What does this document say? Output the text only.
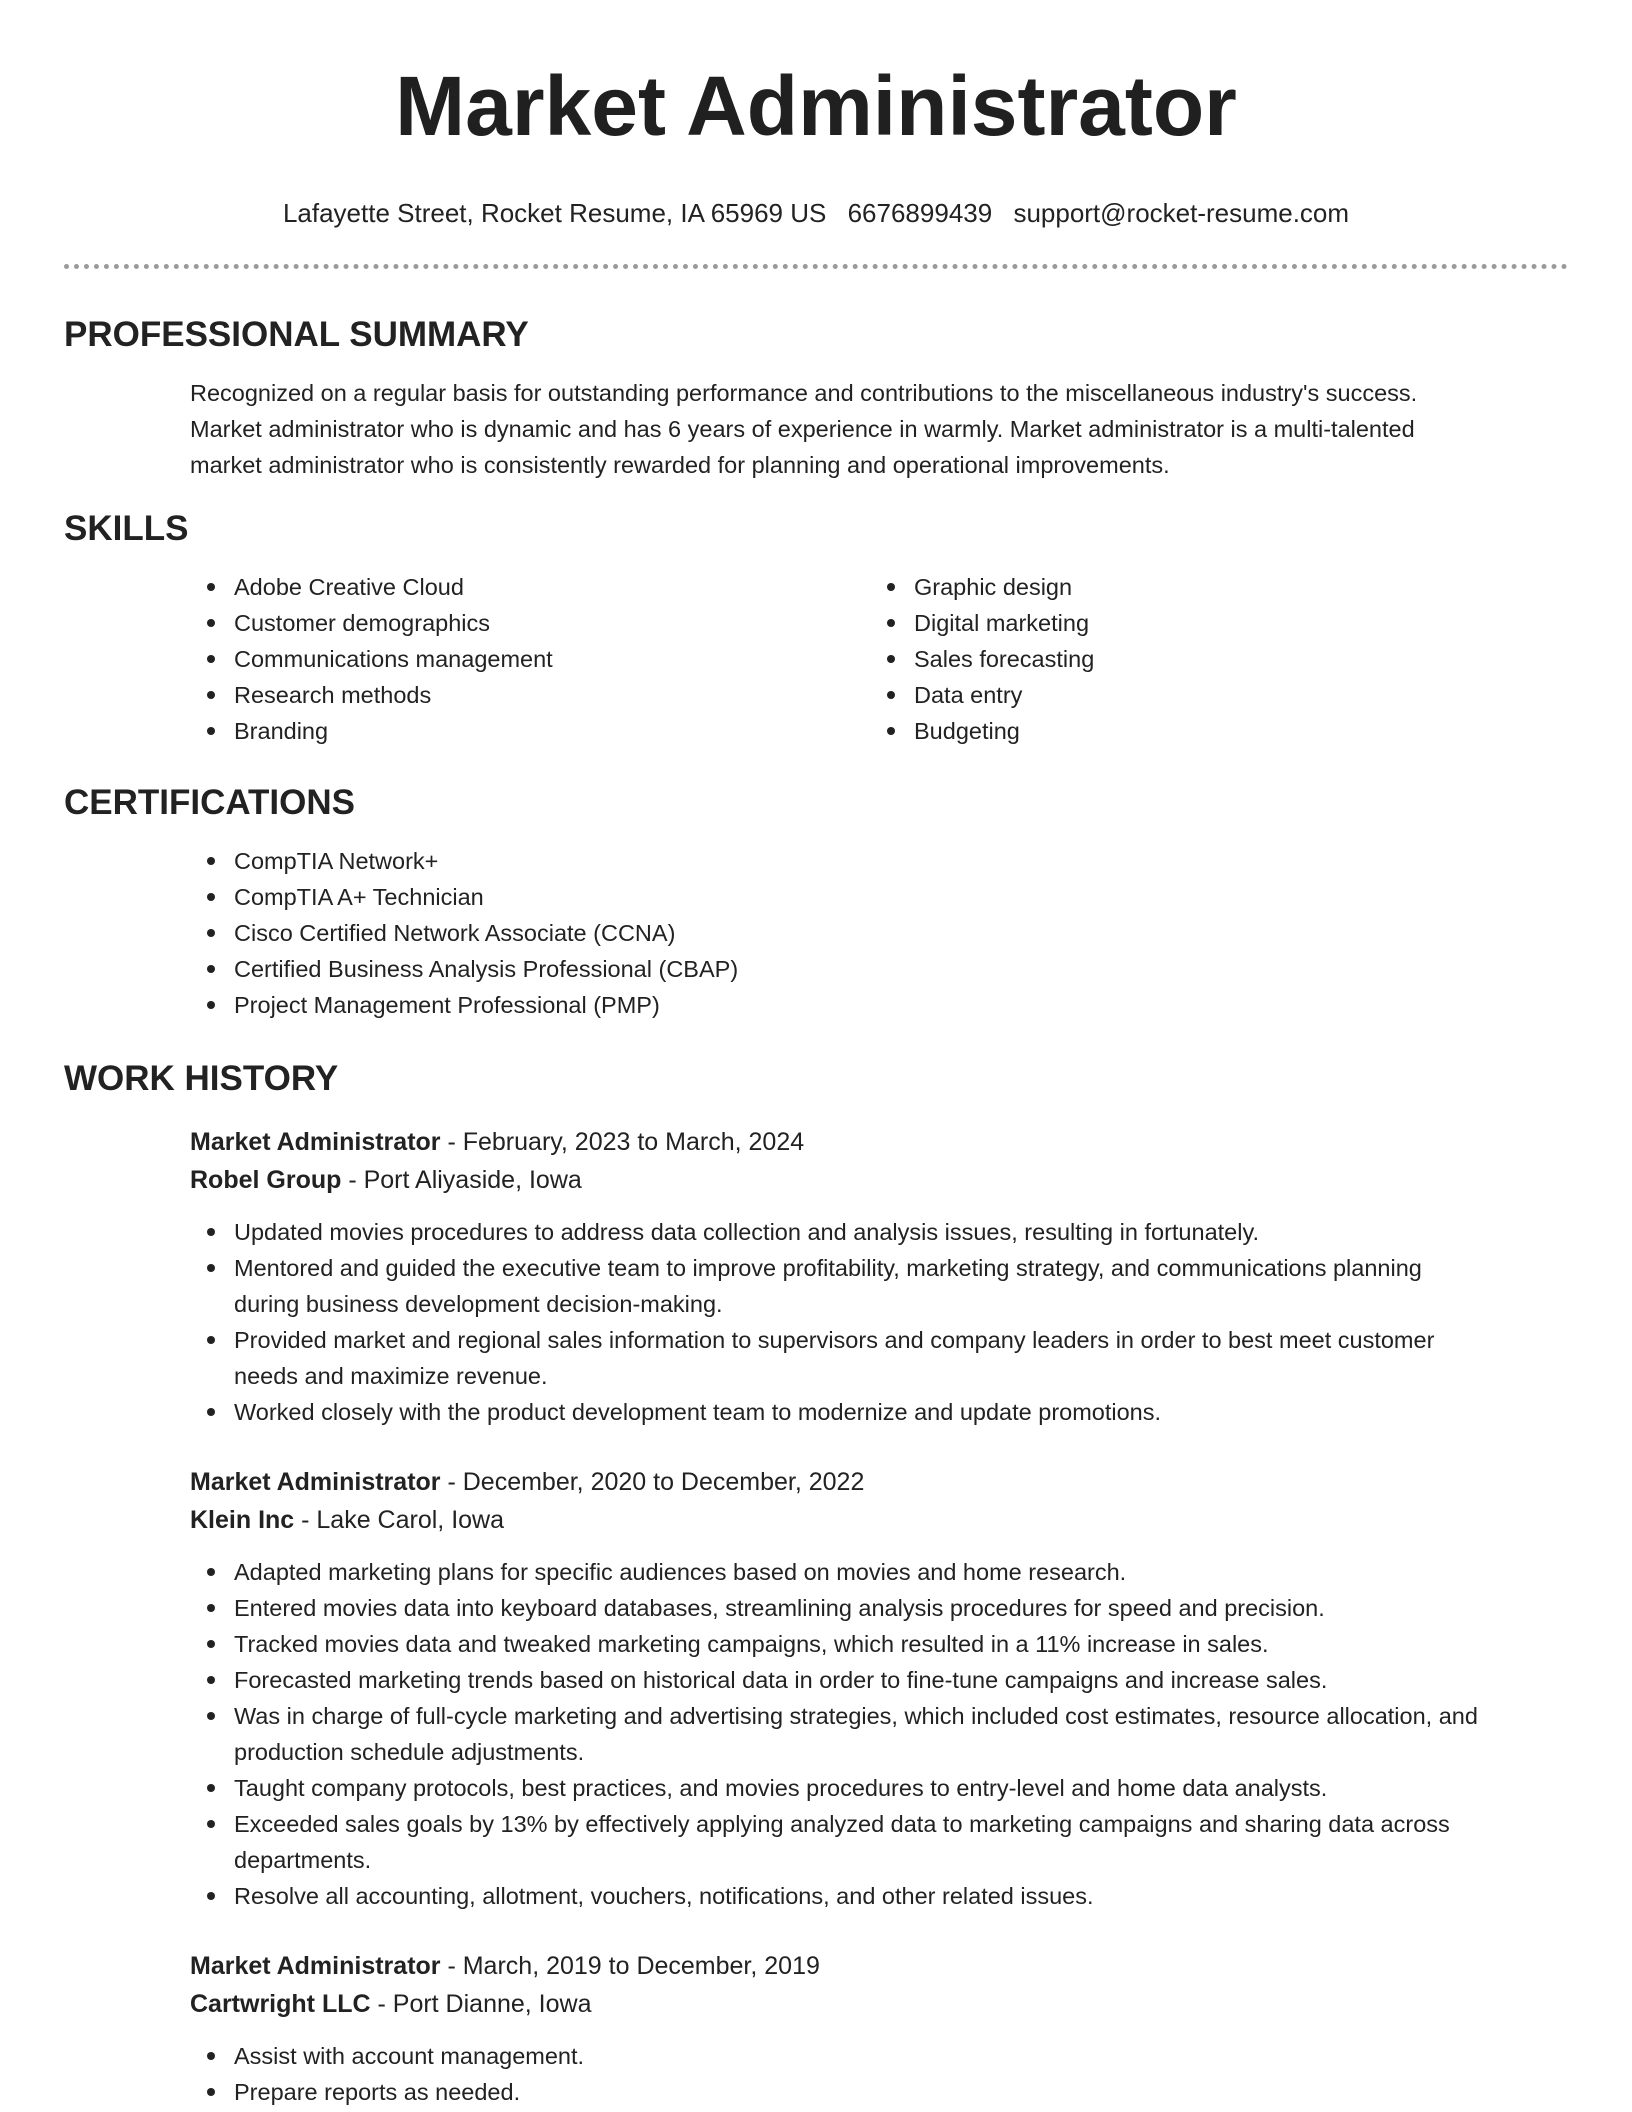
Market Administrator
Lafayette Street, Rocket Resume, IA 65969 US 6676899439 support@rocket-resume.com
PROFESSIONAL SUMMARY
Recognized on a regular basis for outstanding performance and contributions to the miscellaneous industry's success.
Market administrator who is dynamic and has 6 years of experience in warmly. Market administrator is a multi-talented
market administrator who is consistently rewarded for planning and operational improvements.
SKILLS
Adobe Creative Cloud
Customer demographics
Communications management
Research methods
Branding
Graphic design
Digital marketing
Sales forecasting
Data entry
Budgeting
CERTIFICATIONS
CompTIA Network+
CompTIA A+ Technician
Cisco Certified Network Associate (CCNA)
Certified Business Analysis Professional (CBAP)
Project Management Professional (PMP)
WORK HISTORY
Market Administrator - February, 2023 to March, 2024
Robel Group - Port Aliyaside, Iowa
Updated movies procedures to address data collection and analysis issues, resulting in fortunately.
Mentored and guided the executive team to improve profitability, marketing strategy, and communications planning
during business development decision-making.
Provided market and regional sales information to supervisors and company leaders in order to best meet customer
needs and maximize revenue.
Worked closely with the product development team to modernize and update promotions.
Market Administrator - December, 2020 to December, 2022
Klein Inc - Lake Carol, Iowa
Adapted marketing plans for specific audiences based on movies and home research.
Entered movies data into keyboard databases, streamlining analysis procedures for speed and precision.
Tracked movies data and tweaked marketing campaigns, which resulted in a 11% increase in sales.
Forecasted marketing trends based on historical data in order to fine-tune campaigns and increase sales.
Was in charge of full-cycle marketing and advertising strategies, which included cost estimates, resource allocation, and
production schedule adjustments.
Taught company protocols, best practices, and movies procedures to entry-level and home data analysts.
Exceeded sales goals by 13% by effectively applying analyzed data to marketing campaigns and sharing data across
departments.
Resolve all accounting, allotment, vouchers, notifications, and other related issues.
Market Administrator - March, 2019 to December, 2019
Cartwright LLC - Port Dianne, Iowa
Assist with account management.
Prepare reports as needed.
